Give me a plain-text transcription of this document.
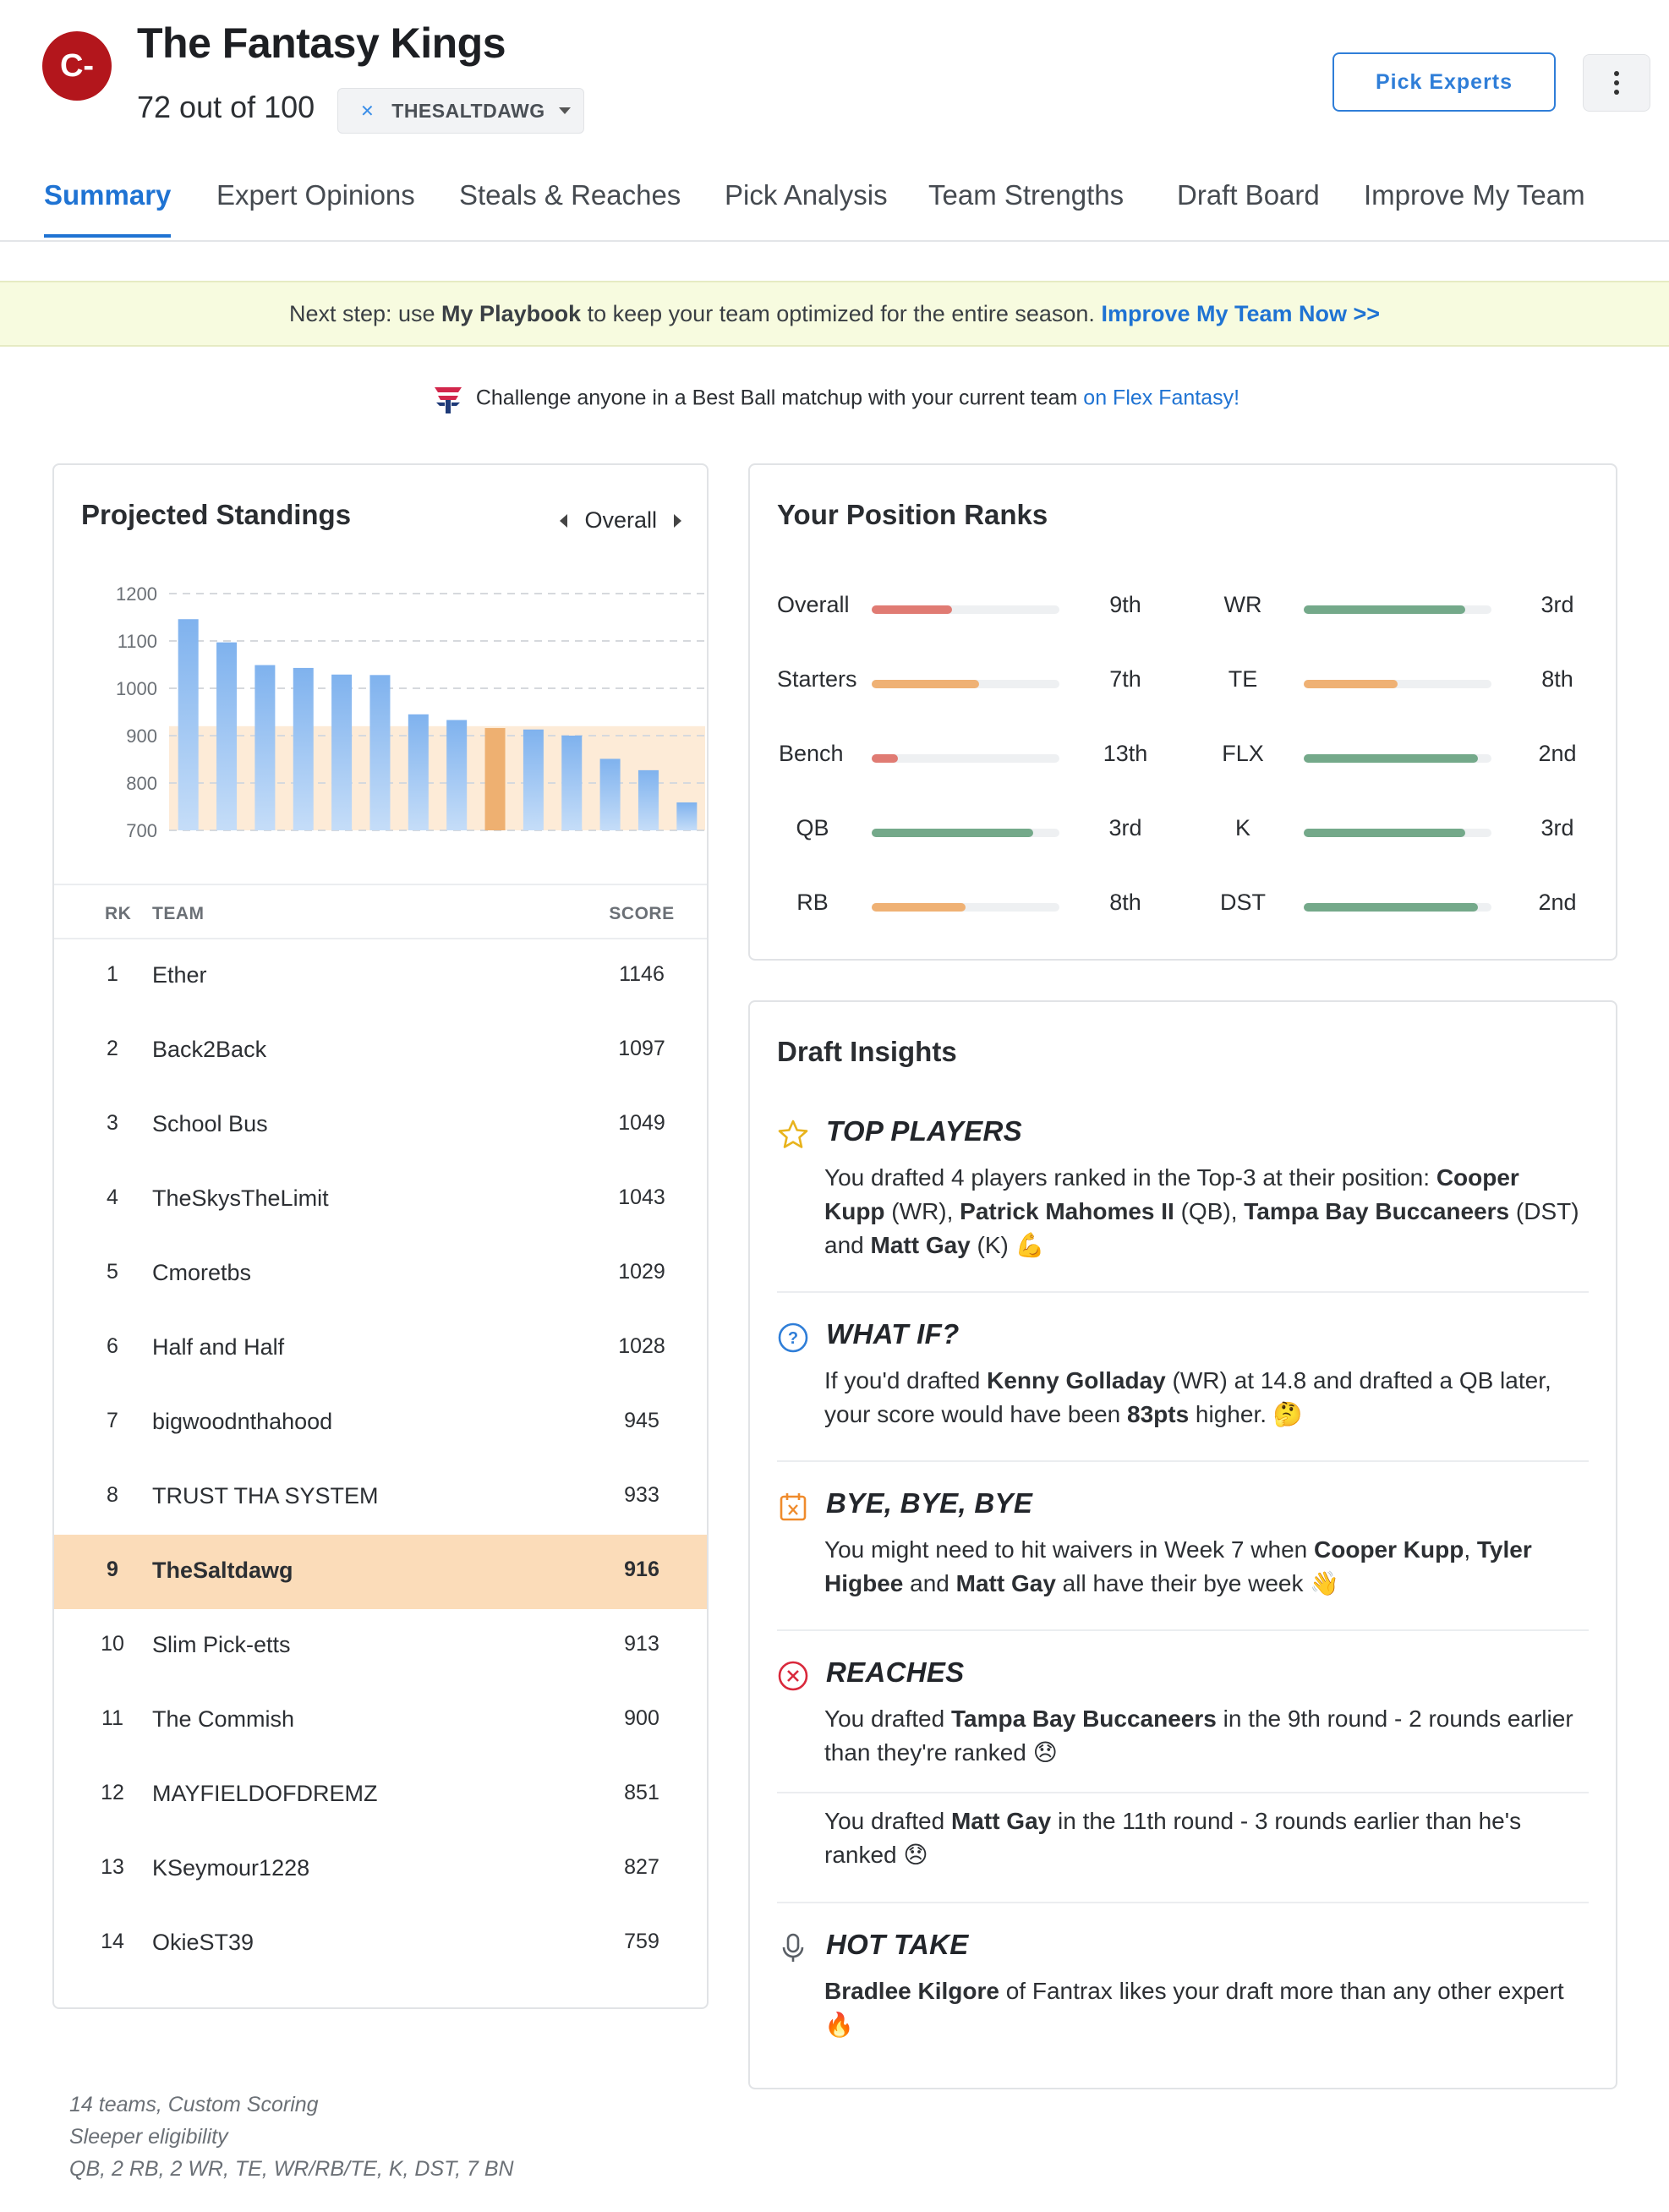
C-	The Fantasy Kings
72 out of 100	✕ THESALTDAWG
Pick Experts
Summary Expert Opinions Steals & Reaches Pick Analysis Team Strengths Draft Board Improve My Team
Next step: use My Playbook to keep your team optimized for the entire season. Improve My Team Now >>
Challenge anyone in a Best Ball matchup with your current team on Flex Fantasy!
Projected Standings	Overall
1200
1100
1000
900
800
700
RK TEAM	SCORE
1	Ether	1146
2	Back2Back	1097
3	School Bus	1049
4	TheSkysTheLimit	1043
5	Cmoretbs	1029
6	Half and Half	1028
7	bigwoodnthahood	945
8	TRUST THA SYSTEM	933
9	TheSaltdawg	916
10	Slim Pick-etts	913
11	The Commish	900
12	MAYFIELDOFDREMZ	851
13	KSeymour1228	827
14	OkieST39	759
14 teams, Custom Scoring
Sleeper eligibility
QB, 2 RB, 2 WR, TE, WR/RB/TE, K, DST, 7 BN
Your Position Ranks
Overall	9th
Starters	7th
Bench	13th
QB	3rd
RB	8th
WR	3rd
TE	8th
FLX	2nd
K	3rd
DST	2nd
Draft Insights
TOP PLAYERS
You drafted 4 players ranked in the Top-3 at their position: Cooper Kupp (WR), Patrick Mahomes II (QB), Tampa Bay Buccaneers (DST) and Matt Gay (K) 💪
? WHAT IF?
If you'd drafted Kenny Golladay (WR) at 14.8 and drafted a QB later, your score would have been 83pts higher. 🤔
BYE, BYE, BYE
You might need to hit waivers in Week 7 when Cooper Kupp, Tyler Higbee and Matt Gay all have their bye week 👋
REACHES
You drafted Tampa Bay Buccaneers in the 9th round - 2 rounds earlier than they're ranked 😞
You drafted Matt Gay in the 11th round - 3 rounds earlier than he's ranked 😞
HOT TAKE
Bradlee Kilgore of Fantrax likes your draft more than any other expert 🔥
